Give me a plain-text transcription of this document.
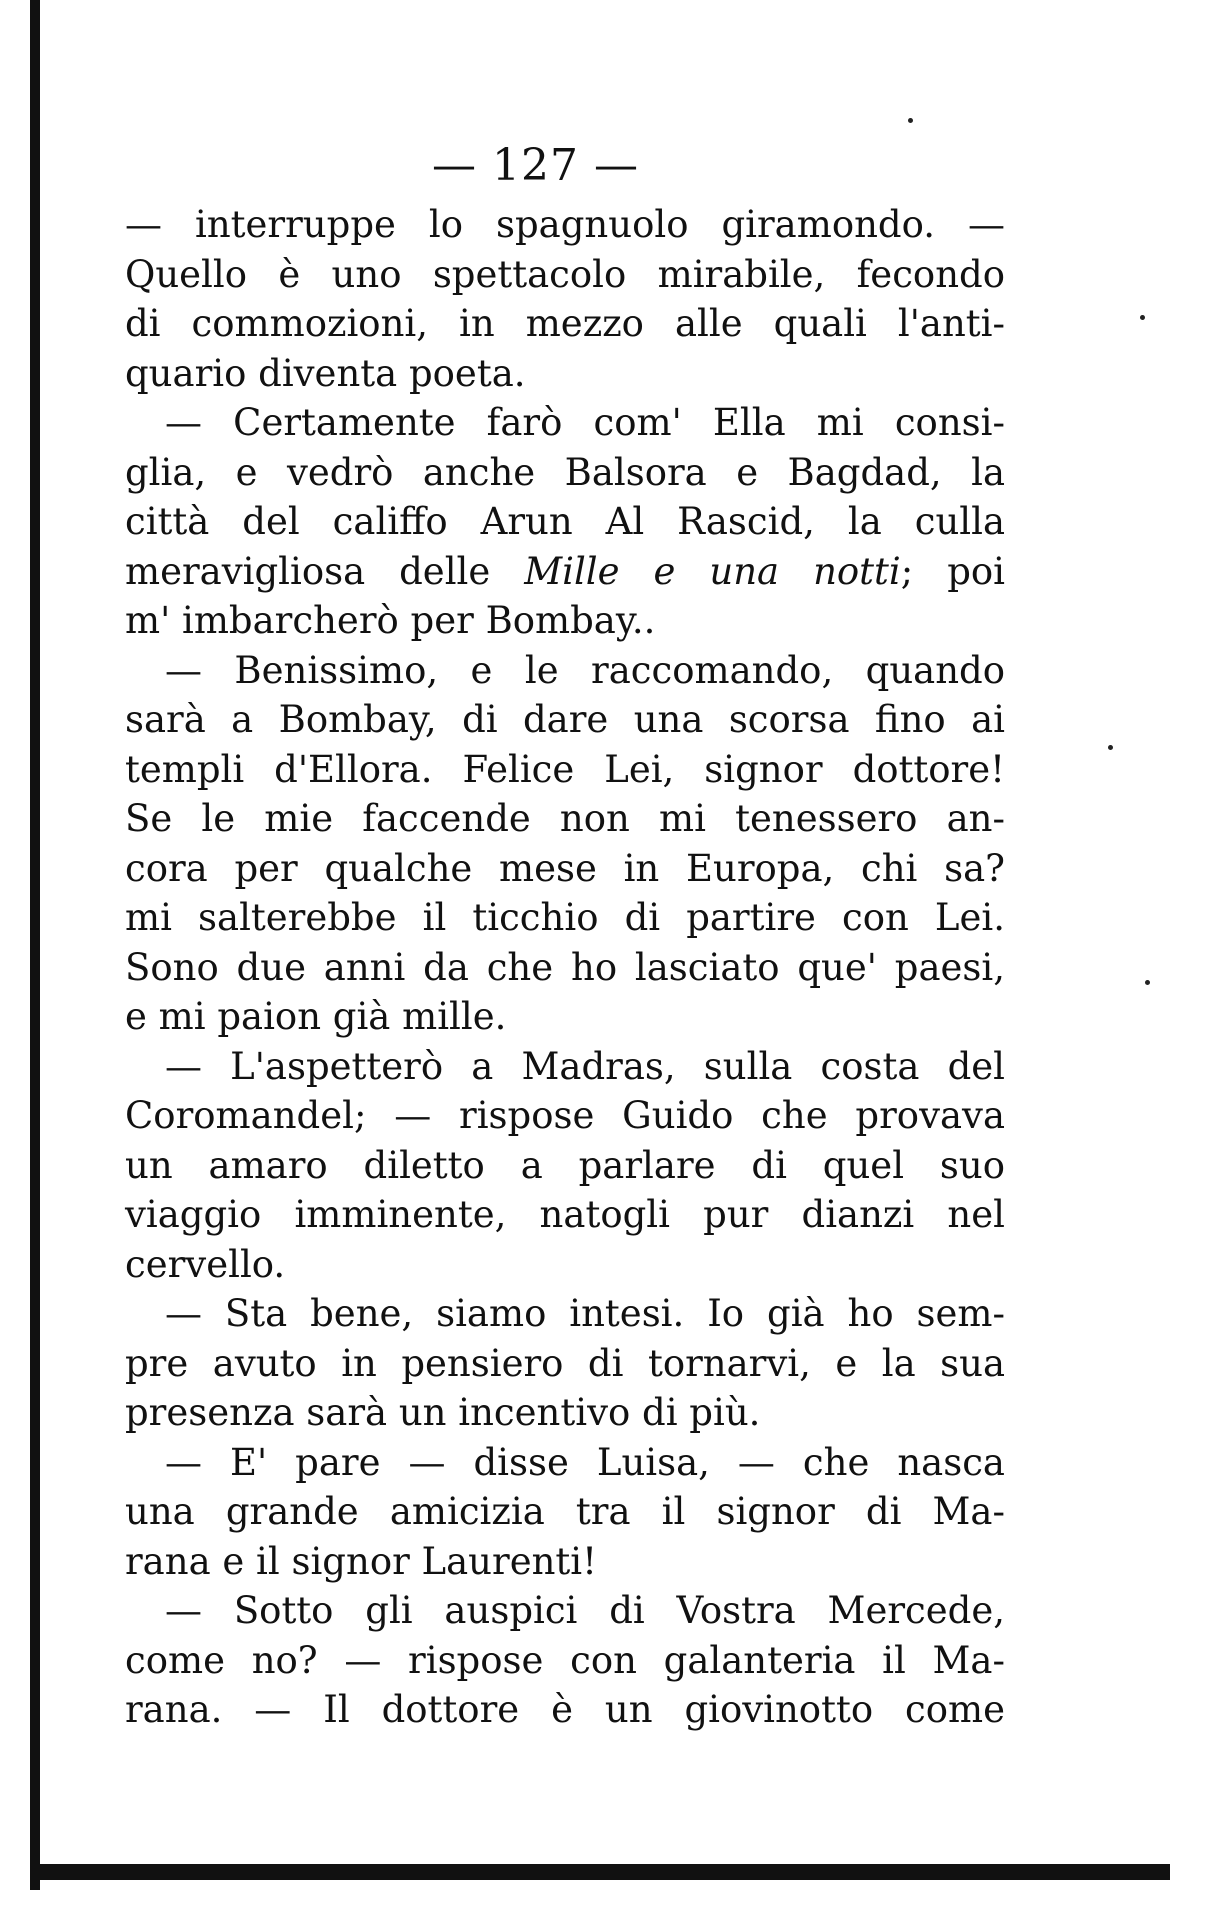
— 127 —
— interruppe lo spagnuolo giramondo. —
Quello è uno spettacolo mirabile, fecondo
di commozioni, in mezzo alle quali l'anti-
quario diventa poeta.
— Certamente farò com' Ella mi consi-
glia, e vedrò anche Balsora e Bagdad, la
città del califfo Arun Al Rascid, la culla
meravigliosa delle Mille e una notti; poi
m' imbarcherò per Bombay..
— Benissimo, e le raccomando, quando
sarà a Bombay, di dare una scorsa fino ai
templi d'Ellora. Felice Lei, signor dottore!
Se le mie faccende non mi tenessero an-
cora per qualche mese in Europa, chi sa?
mi salterebbe il ticchio di partire con Lei.
Sono due anni da che ho lasciato que' paesi,
e mi paion già mille.
— L'aspetterò a Madras, sulla costa del
Coromandel; — rispose Guido che provava
un amaro diletto a parlare di quel suo
viaggio imminente, natogli pur dianzi nel
cervello.
— Sta bene, siamo intesi. Io già ho sem-
pre avuto in pensiero di tornarvi, e la sua
presenza sarà un incentivo di più.
— E' pare — disse Luisa, — che nasca
una grande amicizia tra il signor di Ma-
rana e il signor Laurenti!
— Sotto gli auspici di Vostra Mercede,
come no? — rispose con galanteria il Ma-
rana. — Il dottore è un giovinotto come
